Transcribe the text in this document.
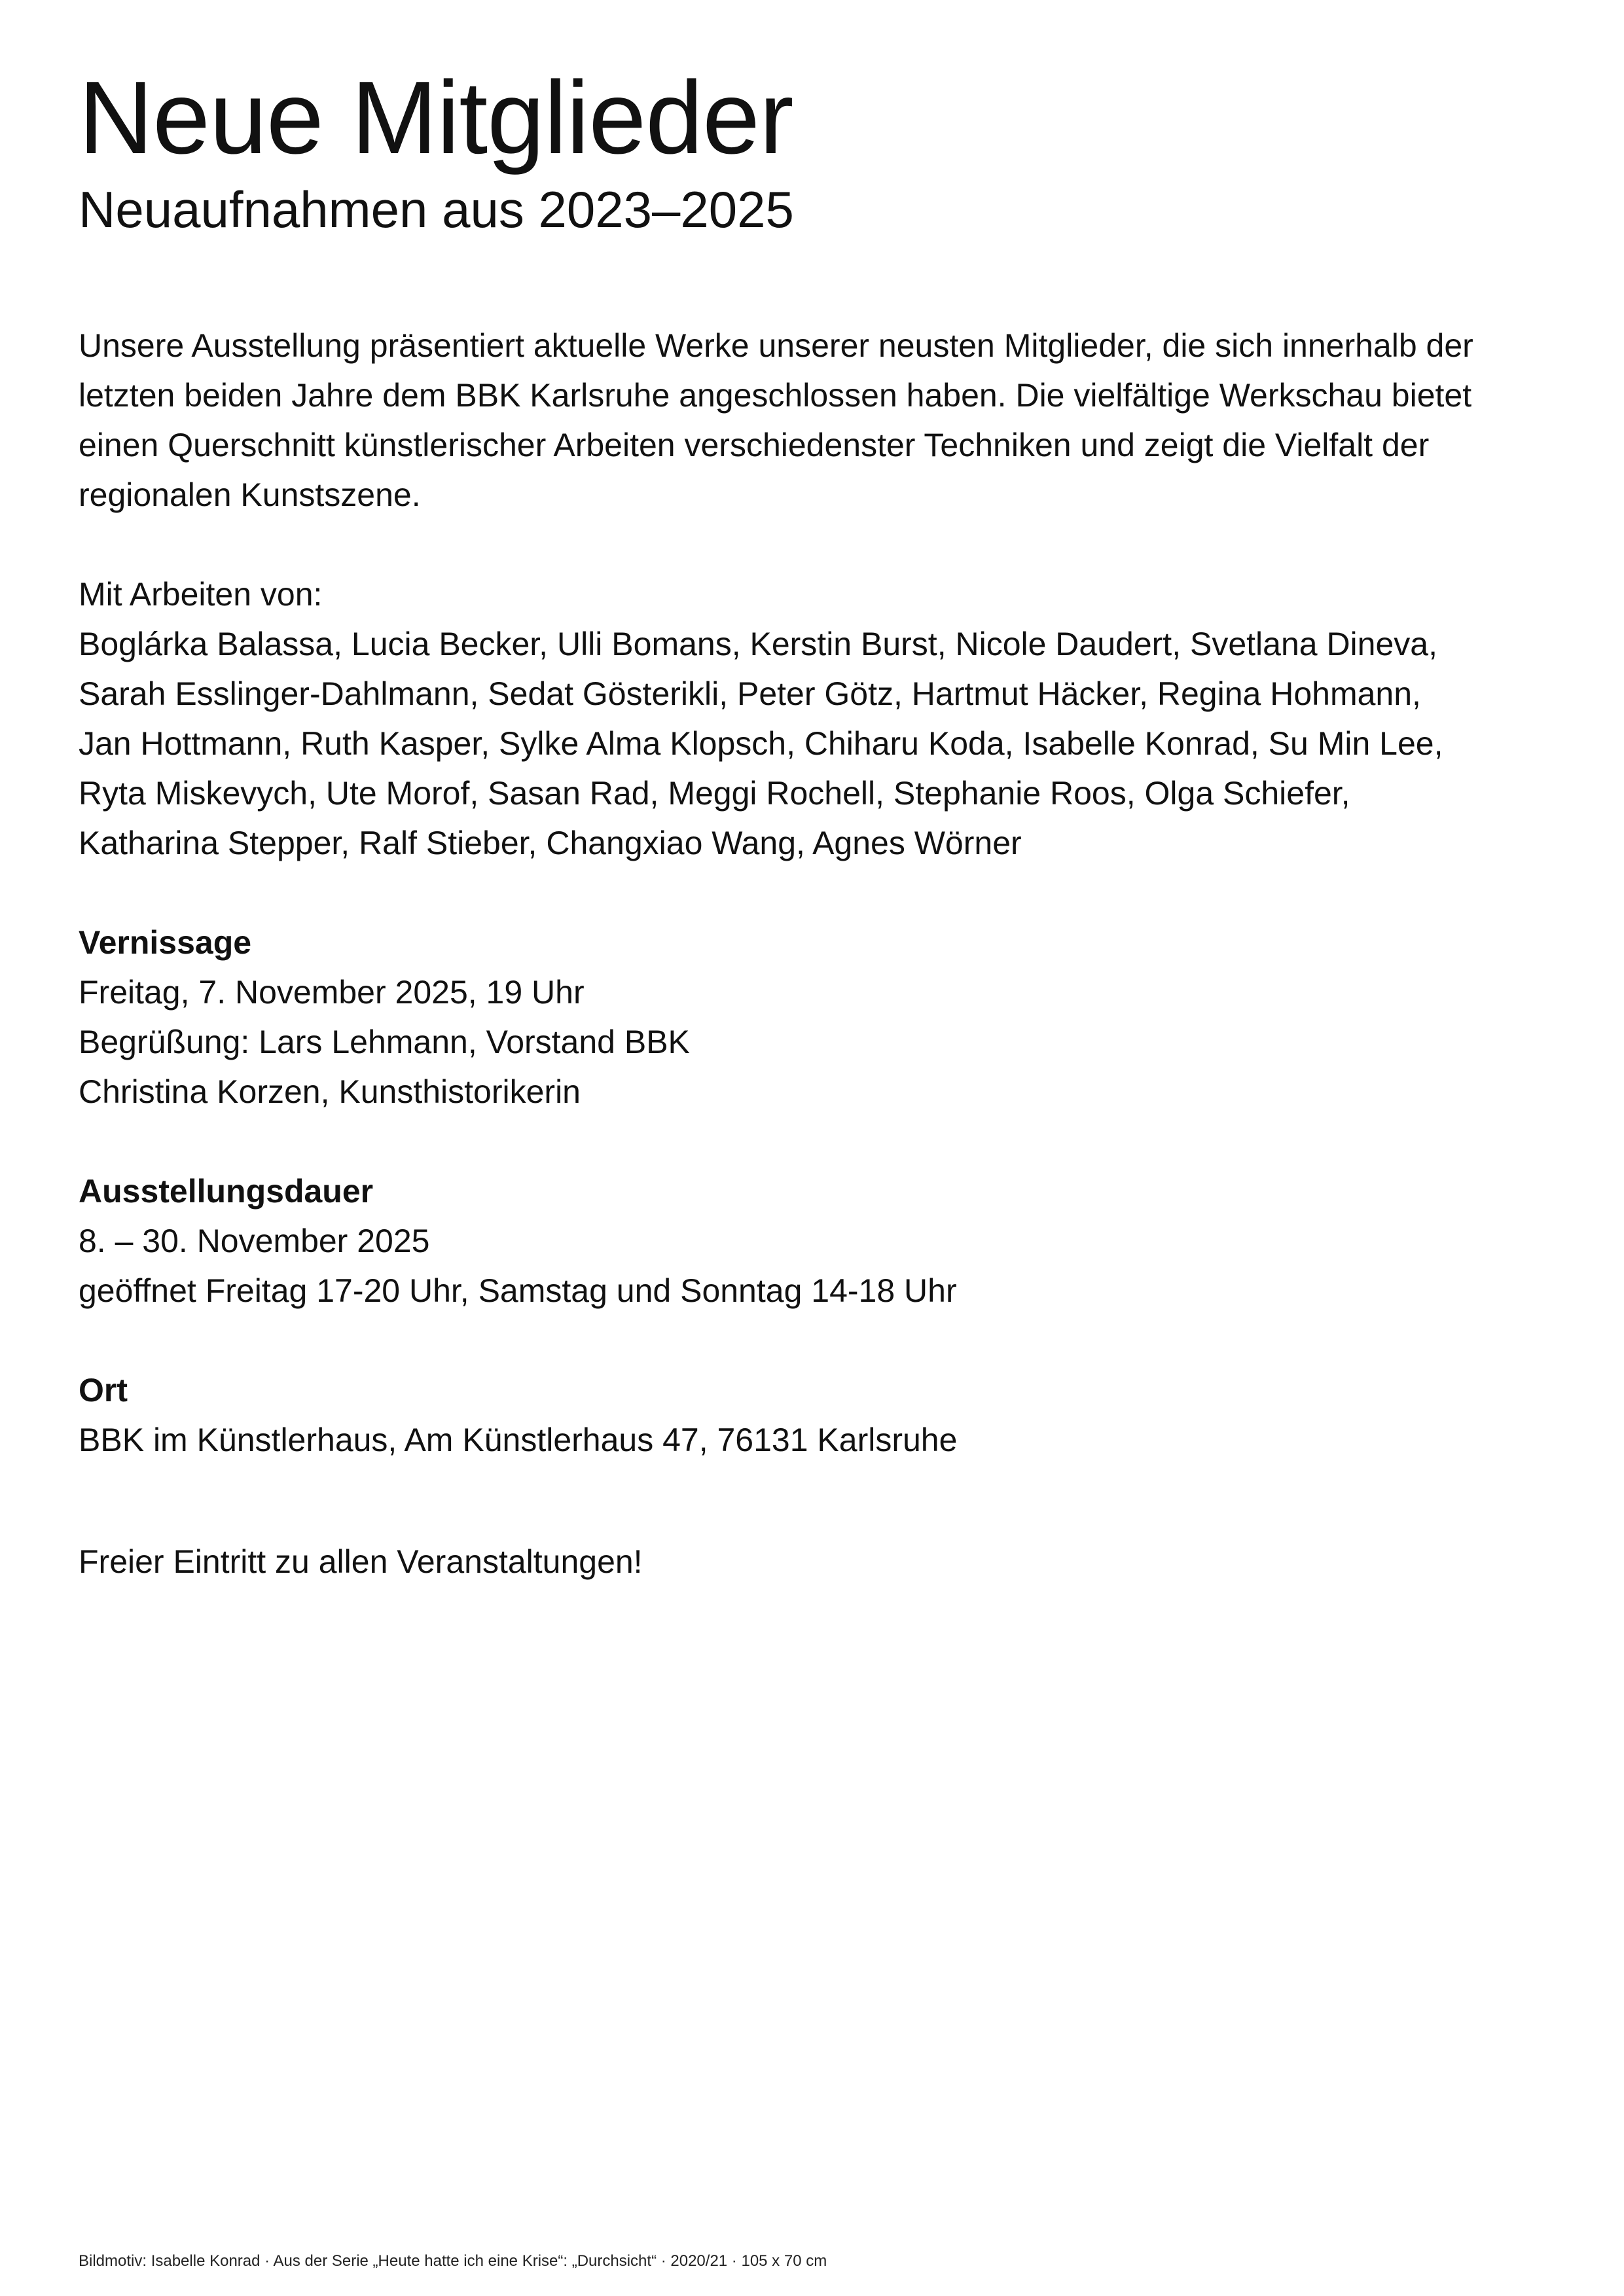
Neue Mitglieder
Neuaufnahmen aus 2023–2025

Unsere Ausstellung präsentiert aktuelle Werke unserer neusten Mitglieder, die sich innerhalb der
letzten beiden Jahre dem BBK Karlsruhe angeschlossen haben. Die vielfältige Werkschau bietet
einen Querschnitt künstlerischer Arbeiten verschiedenster Techniken und zeigt die Vielfalt der
regionalen Kunstszene.

Mit Arbeiten von:
Boglárka Balassa, Lucia Becker, Ulli Bomans, Kerstin Burst, Nicole Daudert, Svetlana Dineva,
Sarah Esslinger-Dahlmann, Sedat Gösterikli, Peter Götz, Hartmut Häcker, Regina Hohmann,
Jan Hottmann, Ruth Kasper, Sylke Alma Klopsch, Chiharu Koda, Isabelle Konrad, Su Min Lee,
Ryta Miskevych, Ute Morof, Sasan Rad, Meggi Rochell, Stephanie Roos, Olga Schiefer,
Katharina Stepper, Ralf Stieber, Changxiao Wang, Agnes Wörner

Vernissage
Freitag, 7. November 2025, 19 Uhr
Begrüßung: Lars Lehmann, Vorstand BBK
Christina Korzen, Kunsthistorikerin

Ausstellungsdauer
8. – 30. November 2025
geöffnet Freitag 17-20 Uhr, Samstag und Sonntag 14-18 Uhr

Ort
BBK im Künstlerhaus, Am Künstlerhaus 47, 76131 Karlsruhe

Freier Eintritt zu allen Veranstaltungen!

Bildmotiv: Isabelle Konrad · Aus der Serie „Heute hatte ich eine Krise“: „Durchsicht“ · 2020/21 · 105 x 70 cm
